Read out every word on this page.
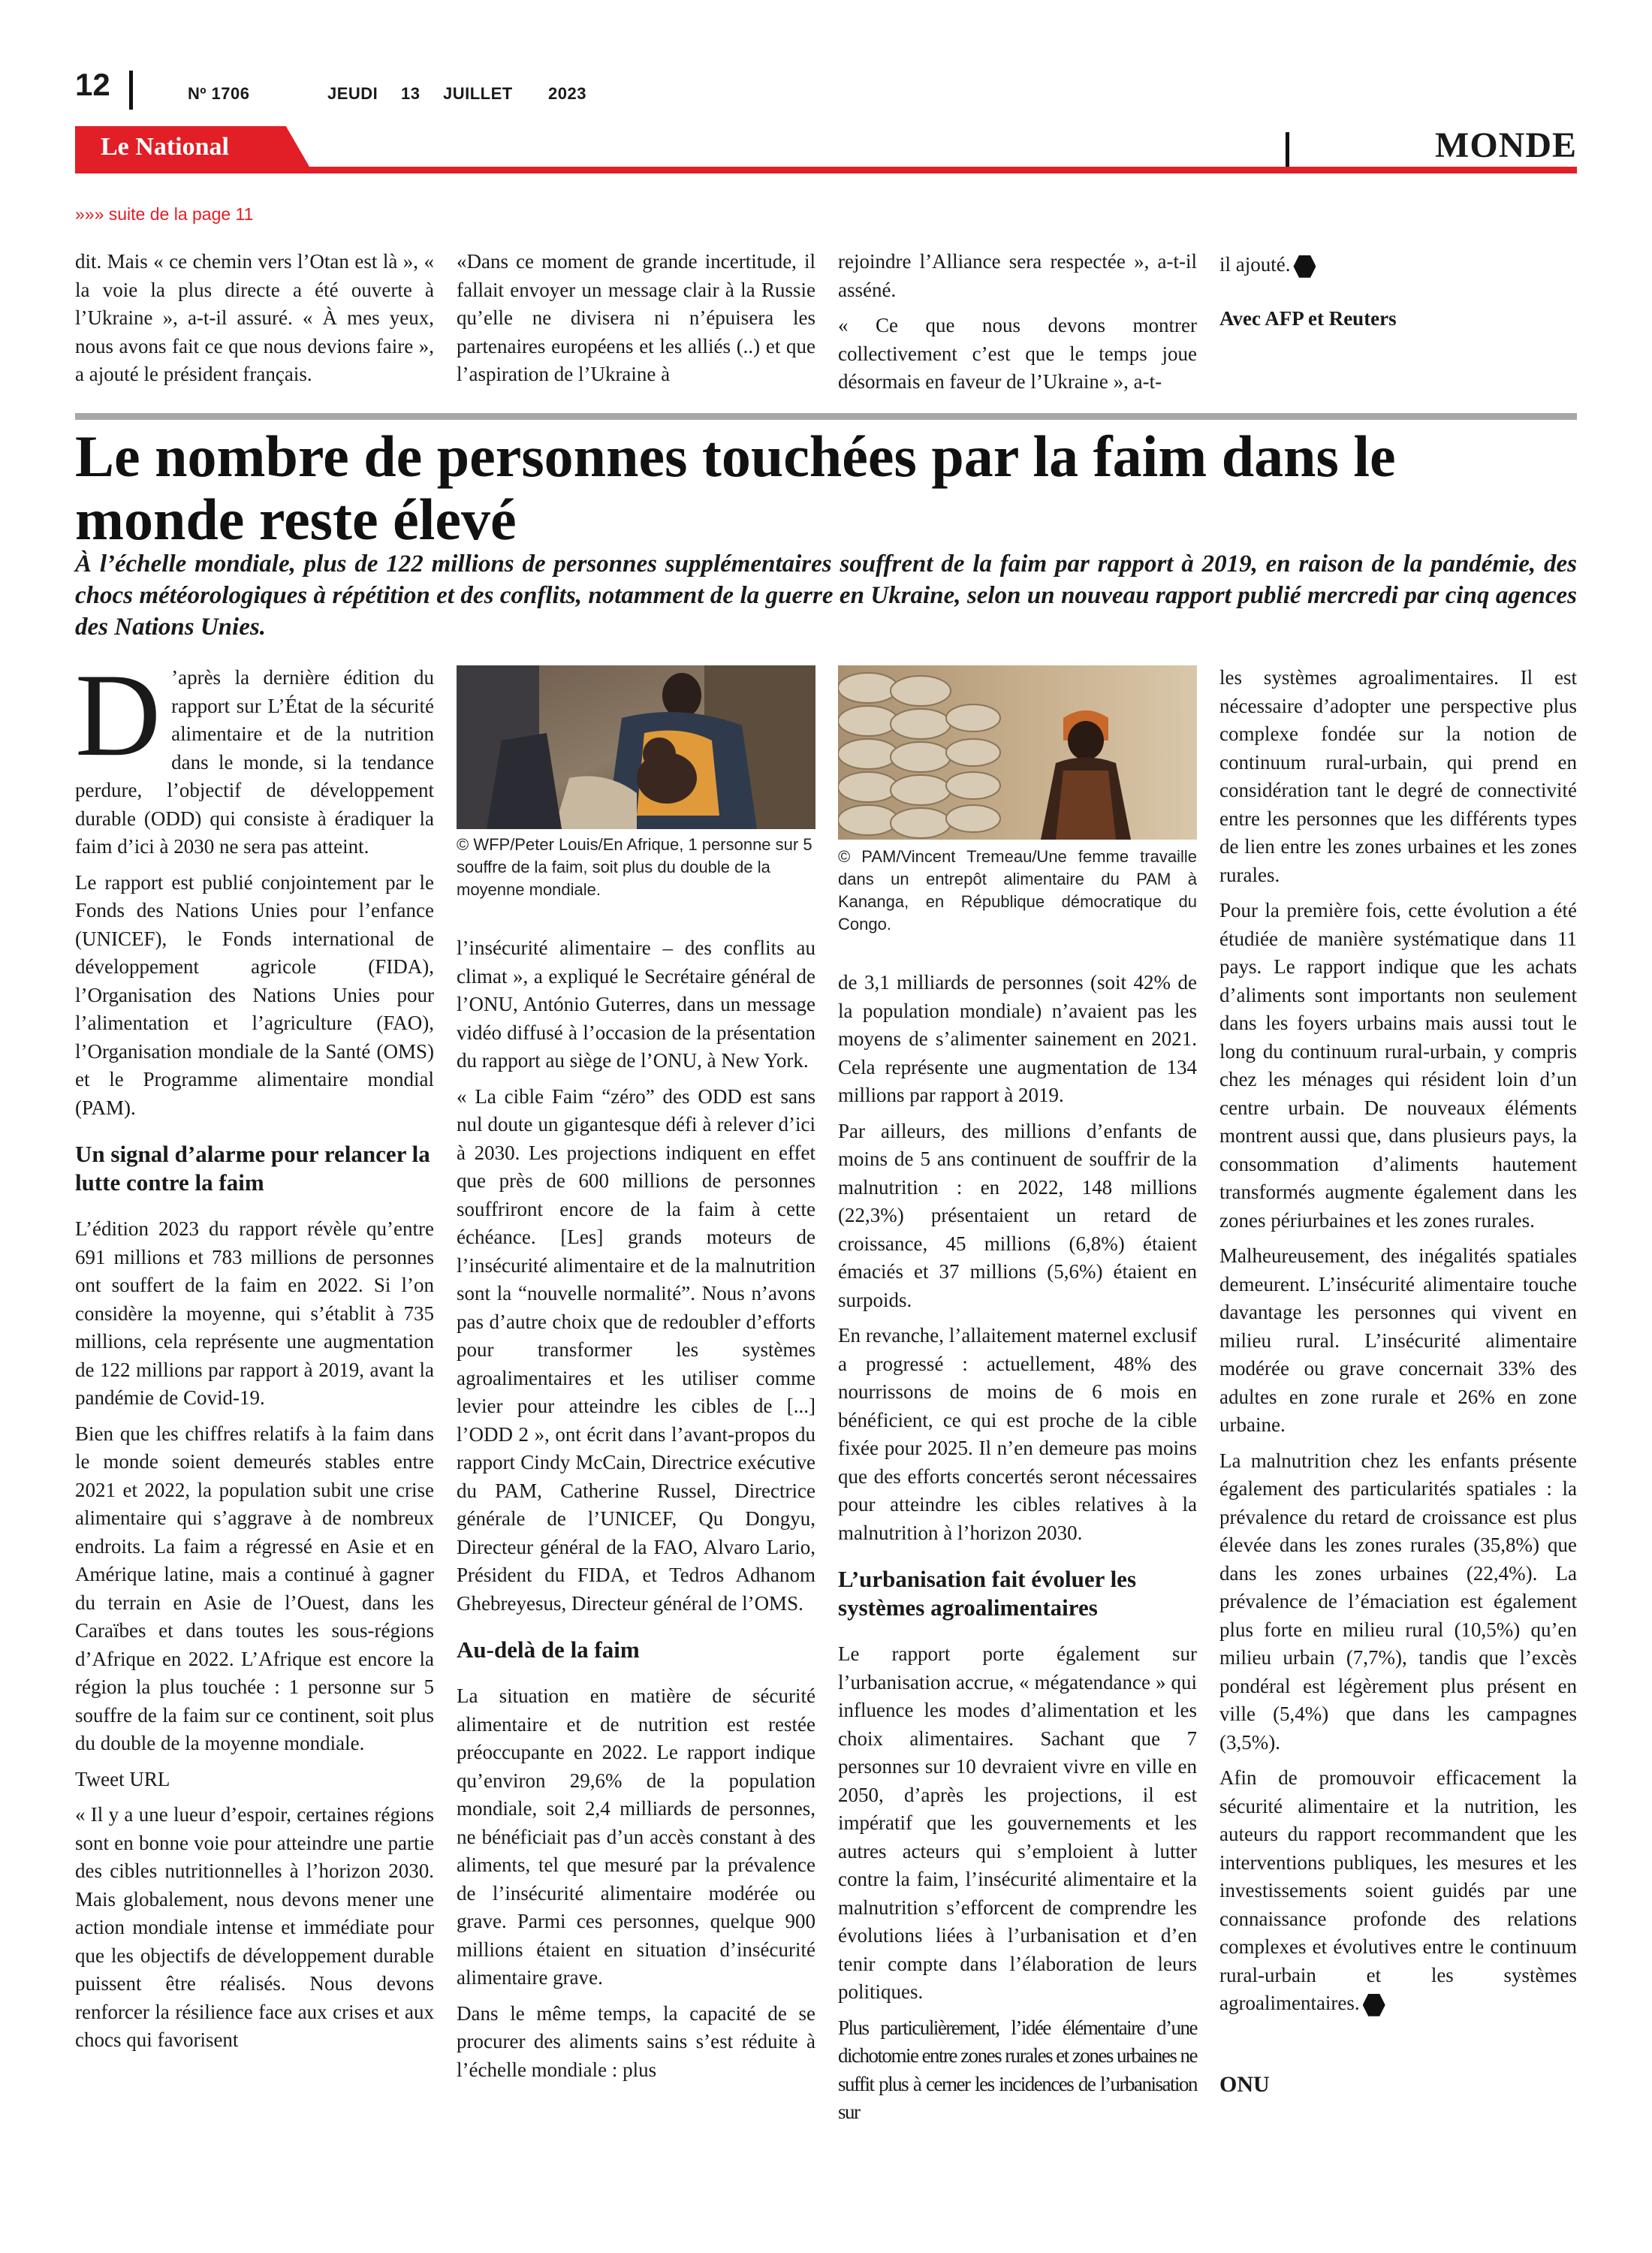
12	Nº 1706	JEUDI 13 JUILLET 2023
Le National	MONDE
»»» suite de la page 11

dit. Mais « ce chemin vers l’Otan est là », « la voie la plus directe a été ouverte à l’Ukraine », a-t-il assuré. « À mes yeux, nous avons fait ce que nous devions faire », a ajouté le président français.

«Dans ce moment de grande incertitude, il fallait envoyer un message clair à la Russie qu’elle ne divisera ni n’épuisera les partenaires européens et les alliés (..) et que l’aspiration de l’Ukraine à

rejoindre l’Alliance sera respectée », a-t-il asséné.

« Ce que nous devons montrer collectivement c’est que le temps joue désormais en faveur de l’Ukraine », a-t-

il ajouté.

Avec AFP et Reuters

Le nombre de personnes touchées par la faim dans le monde reste élevé

À l’échelle mondiale, plus de 122 millions de personnes supplémentaires souffrent de la faim par rapport à 2019, en raison de la pandémie, des chocs météorologiques à répétition et des conflits, notamment de la guerre en Ukraine, selon un nouveau rapport publié mercredi par cinq agences des Nations Unies.

D ’après la dernière édition du rapport sur L’État de la sécurité alimentaire et de la nutrition dans le monde, si la tendance perdure, l’objectif de développement durable (ODD) qui consiste à éradiquer la faim d’ici à 2030 ne sera pas atteint.

Le rapport est publié conjointement par le Fonds des Nations Unies pour l’enfance (UNICEF), le Fonds international de développement agricole (FIDA), l’Organisation des Nations Unies pour l’alimentation et l’agriculture (FAO), l’Organisation mondiale de la Santé (OMS) et le Programme alimentaire mondial (PAM).

Un signal d’alarme pour relancer la lutte contre la faim

L’édition 2023 du rapport révèle qu’entre 691 millions et 783 millions de personnes ont souffert de la faim en 2022. Si l’on considère la moyenne, qui s’établit à 735 millions, cela représente une augmentation de 122 millions par rapport à 2019, avant la pandémie de Covid-19.

Bien que les chiffres relatifs à la faim dans le monde soient demeurés stables entre 2021 et 2022, la population subit une crise alimentaire qui s’aggrave à de nombreux endroits. La faim a régressé en Asie et en Amérique latine, mais a continué à gagner du terrain en Asie de l’Ouest, dans les Caraïbes et dans toutes les sous-régions d’Afrique en 2022. L’Afrique est encore la région la plus touchée : 1 personne sur 5 souffre de la faim sur ce continent, soit plus du double de la moyenne mondiale.

Tweet URL

« Il y a une lueur d’espoir, certaines régions sont en bonne voie pour atteindre une partie des cibles nutritionnelles à l’horizon 2030. Mais globalement, nous devons mener une action mondiale intense et immédiate pour que les objectifs de développement durable puissent être réalisés. Nous devons renforcer la résilience face aux crises et aux chocs qui favorisent

© WFP/Peter Louis/En Afrique, 1 personne sur 5 souffre de la faim, soit plus du double de la moyenne mondiale.

l’insécurité alimentaire – des conflits au climat », a expliqué le Secrétaire général de l’ONU, António Guterres, dans un message vidéo diffusé à l’occasion de la présentation du rapport au siège de l’ONU, à New York.

« La cible Faim “zéro” des ODD est sans nul doute un gigantesque défi à relever d’ici à 2030. Les projections indiquent en effet que près de 600 millions de personnes souffriront encore de la faim à cette échéance. [Les] grands moteurs de l’insécurité alimentaire et de la malnutrition sont la “nouvelle normalité”. Nous n’avons pas d’autre choix que de redoubler d’efforts pour transformer les systèmes agroalimentaires et les utiliser comme levier pour atteindre les cibles de [...] l’ODD 2 », ont écrit dans l’avant-propos du rapport Cindy McCain, Directrice exécutive du PAM, Catherine Russel, Directrice générale de l’UNICEF, Qu Dongyu, Directeur général de la FAO, Alvaro Lario, Président du FIDA, et Tedros Adhanom Ghebreyesus, Directeur général de l’OMS.

Au-delà de la faim

La situation en matière de sécurité alimentaire et de nutrition est restée préoccupante en 2022. Le rapport indique qu’environ 29,6% de la population mondiale, soit 2,4 milliards de personnes, ne bénéficiait pas d’un accès constant à des aliments, tel que mesuré par la prévalence de l’insécurité alimentaire modérée ou grave. Parmi ces personnes, quelque 900 millions étaient en situation d’insécurité alimentaire grave.

Dans le même temps, la capacité de se procurer des aliments sains s’est réduite à l’échelle mondiale : plus

© PAM/Vincent Tremeau/Une femme travaille dans un entrepôt alimentaire du PAM à Kananga, en République démocratique du Congo.

de 3,1 milliards de personnes (soit 42% de la population mondiale) n’avaient pas les moyens de s’alimenter sainement en 2021. Cela représente une augmentation de 134 millions par rapport à 2019.

Par ailleurs, des millions d’enfants de moins de 5 ans continuent de souffrir de la malnutrition : en 2022, 148 millions (22,3%) présentaient un retard de croissance, 45 millions (6,8%) étaient émaciés et 37 millions (5,6%) étaient en surpoids.

En revanche, l’allaitement maternel exclusif a progressé : actuellement, 48% des nourrissons de moins de 6 mois en bénéficient, ce qui est proche de la cible fixée pour 2025. Il n’en demeure pas moins que des efforts concertés seront nécessaires pour atteindre les cibles relatives à la malnutrition à l’horizon 2030.

L’urbanisation fait évoluer les systèmes agroalimentaires

Le rapport porte également sur l’urbanisation accrue, « mégatendance » qui influence les modes d’alimentation et les choix alimentaires. Sachant que 7 personnes sur 10 devraient vivre en ville en 2050, d’après les projections, il est impératif que les gouvernements et les autres acteurs qui s’emploient à lutter contre la faim, l’insécurité alimentaire et la malnutrition s’efforcent de comprendre les évolutions liées à l’urbanisation et d’en tenir compte dans l’élaboration de leurs politiques.

Plus particulièrement, l’idée élémentaire d’une dichotomie entre zones rurales et zones urbaines ne suffit plus à cerner les incidences de l’urbanisation sur

les systèmes agroalimentaires. Il est nécessaire d’adopter une perspective plus complexe fondée sur la notion de continuum rural-urbain, qui prend en considération tant le degré de connectivité entre les personnes que les différents types de lien entre les zones urbaines et les zones rurales.

Pour la première fois, cette évolution a été étudiée de manière systématique dans 11 pays. Le rapport indique que les achats d’aliments sont importants non seulement dans les foyers urbains mais aussi tout le long du continuum rural-urbain, y compris chez les ménages qui résident loin d’un centre urbain. De nouveaux éléments montrent aussi que, dans plusieurs pays, la consommation d’aliments hautement transformés augmente également dans les zones périurbaines et les zones rurales.

Malheureusement, des inégalités spatiales demeurent. L’insécurité alimentaire touche davantage les personnes qui vivent en milieu rural. L’insécurité alimentaire modérée ou grave concernait 33% des adultes en zone rurale et 26% en zone urbaine.

La malnutrition chez les enfants présente également des particularités spatiales : la prévalence du retard de croissance est plus élevée dans les zones rurales (35,8%) que dans les zones urbaines (22,4%). La prévalence de l’émaciation est également plus forte en milieu rural (10,5%) qu’en milieu urbain (7,7%), tandis que l’excès pondéral est légèrement plus présent en ville (5,4%) que dans les campagnes (3,5%).

Afin de promouvoir efficacement la sécurité alimentaire et la nutrition, les auteurs du rapport recommandent que les interventions publiques, les mesures et les investissements soient guidés par une connaissance profonde des relations complexes et évolutives entre le continuum rural-urbain et les systèmes agroalimentaires.

ONU
